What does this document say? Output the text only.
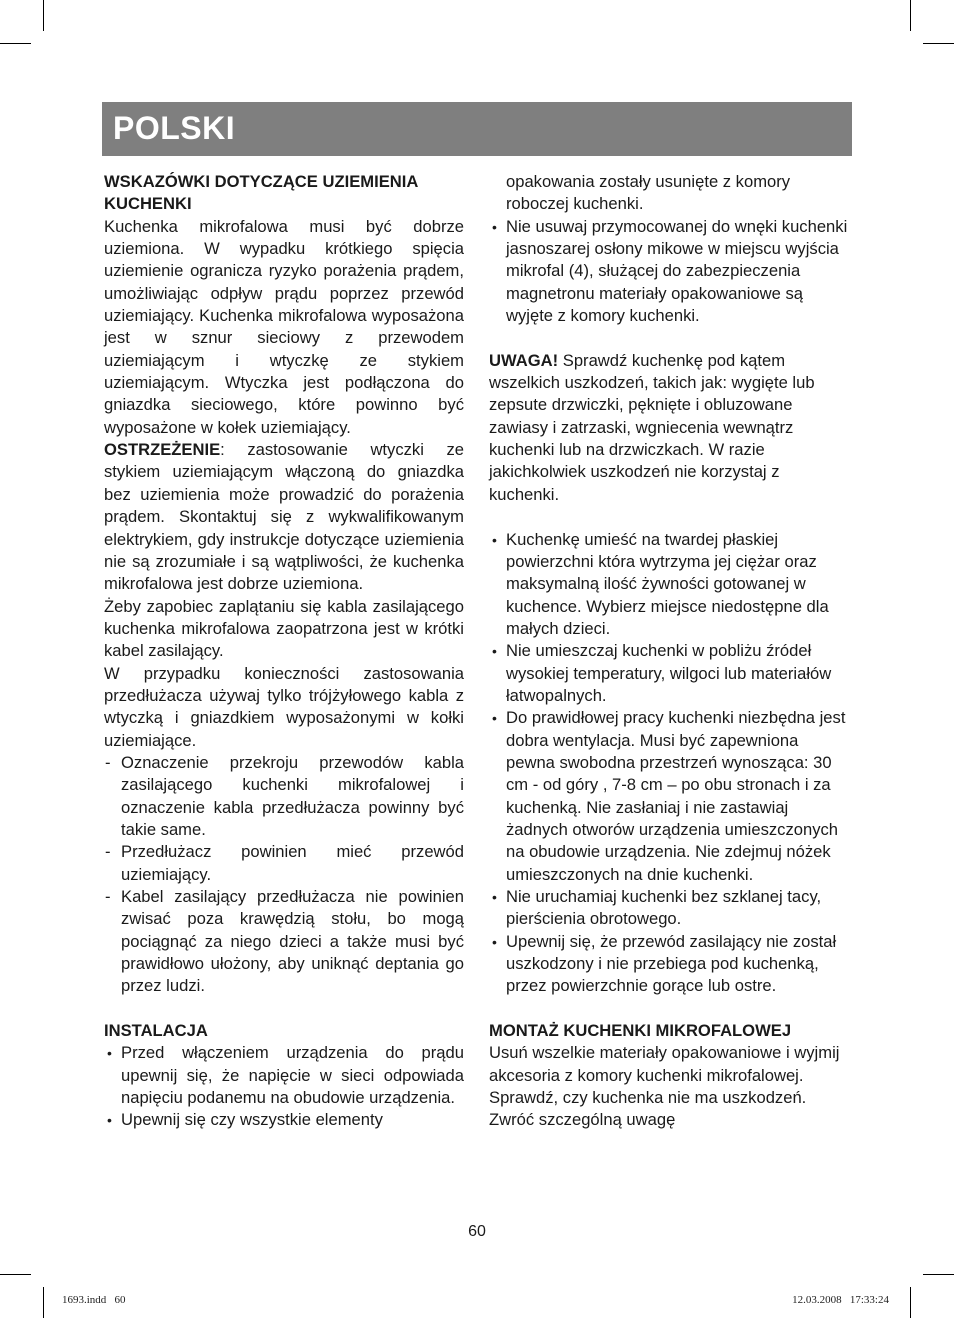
POLSKI

WSKAZÓWKI DOTYCZĄCE UZIEMIENIA KUCHENKI

Kuchenka mikrofalowa musi być dobrze uziemiona. W wypadku krótkiego spięcia uziemienie ogranicza ryzyko porażenia prądem, umożliwiając odpływ prądu poprzez przewód uziemiający. Kuchenka mikrofalowa wyposażona jest w sznur sieciowy z przewodem uziemiającym i wtyczkę ze stykiem uziemiającym. Wtyczka jest podłączona do gniazdka sieciowego, które powinno być wyposażone w kołek uziemiający.

OSTRZEŻENIE: zastosowanie wtyczki ze stykiem uziemiającym włączoną do gniazdka bez uziemienia może prowadzić do porażenia prądem. Skontaktuj się z wykwalifikowanym elektrykiem, gdy instrukcje dotyczące uziemienia nie są zrozumiałe i są wątpliwości, że kuchenka mikrofalowa jest dobrze uziemiona.

Żeby zapobiec zaplątaniu się kabla zasilającego kuchenka mikrofalowa zaopatrzona jest w krótki kabel zasilający.

W przypadku konieczności zastosowania przedłużacza używaj tylko trójżyłowego kabla z wtyczką i gniazdkiem wyposażonymi w kołki uziemiające.

- Oznaczenie przekroju przewodów kabla zasilającego kuchenki mikrofalowej i oznaczenie kabla przedłużacza powinny być takie same.
- Przedłużacz powinien mieć przewód uziemiający.
- Kabel zasilający przedłużacza nie powinien zwisać poza krawędzią stołu, bo mogą pociągnąć za niego dzieci a także musi być prawidłowo ułożony, aby uniknąć deptania go przez ludzi.

INSTALACJA

• Przed włączeniem urządzenia do prądu upewnij się, że napięcie w sieci odpowiada napięciu podanemu na obudowie urządzenia.
• Upewnij się czy wszystkie elementy
opakowania zostały usunięte z komory roboczej kuchenki.
• Nie usuwaj przymocowanej do wnęki kuchenki jasnoszarej osłony mikowe w miejscu wyjścia mikrofal (4), służącej do zabezpieczenia magnetronu materiały opakowaniowe są wyjęte z komory kuchenki.

UWAGA! Sprawdź kuchenkę pod kątem wszelkich uszkodzeń, takich jak: wygięte lub zepsute drzwiczki, pęknięte i obluzowane zawiasy i zatrzaski, wgniecenia wewnątrz kuchenki lub na drzwiczkach. W razie jakichkolwiek uszkodzeń nie korzystaj z kuchenki.

• Kuchenkę umieść na twardej płaskiej powierzchni która wytrzyma jej ciężar oraz maksymalną ilość żywności gotowanej w kuchence. Wybierz miejsce niedostępne dla małych dzieci.
• Nie umieszczaj kuchenki w pobliżu źródeł wysokiej temperatury, wilgoci lub materiałów łatwopalnych.
• Do prawidłowej pracy kuchenki niezbędna jest dobra wentylacja. Musi być zapewniona pewna swobodna przestrzeń wynosząca: 30 cm - od góry , 7-8 cm – po obu stronach i za kuchenką. Nie zasłaniaj i nie zastawiaj żadnych otworów urządzenia umieszczonych na obudowie urządzenia. Nie zdejmuj nóżek umieszczonych na dnie kuchenki.
• Nie uruchamiaj kuchenki bez szklanej tacy, pierścienia obrotowego.
• Upewnij się, że przewód zasilający nie został uszkodzony i nie przebiega pod kuchenką, przez powierzchnie gorące lub ostre.

MONTAŻ KUCHENKI MIKROFALOWEJ

Usuń wszelkie materiały opakowaniowe i wyjmij akcesoria z komory kuchenki mikrofalowej. Sprawdź, czy kuchenka nie ma uszkodzeń. Zwróć szczególną uwagę

60
1693.indd   60	12.03.2008   17:33:24
